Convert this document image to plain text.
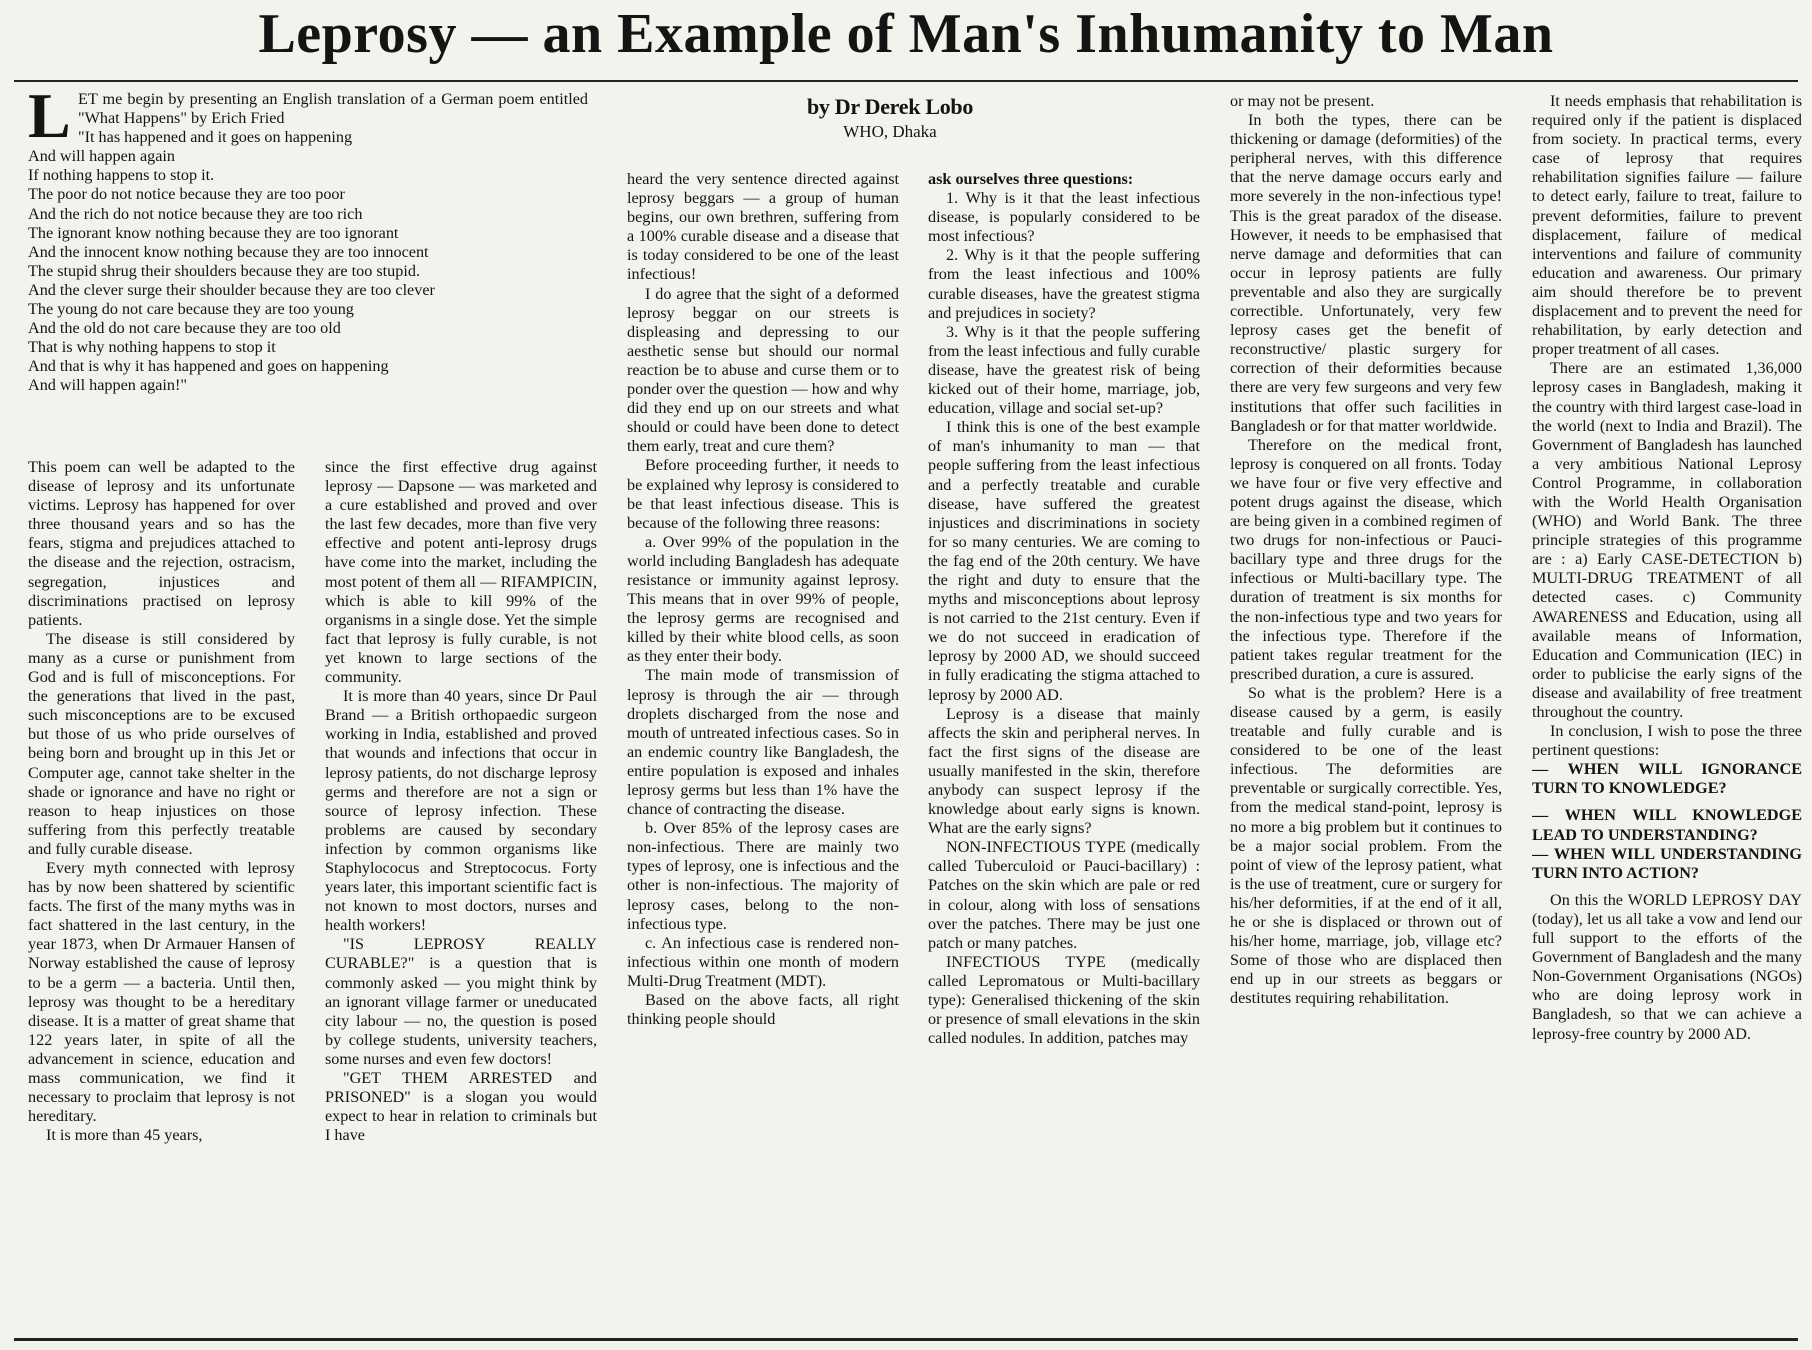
Leprosy — an Example of Man's Inhumanity to Man
L ET me begin by presenting an English translation of a German poem entitled "What Happens" by Erich Fried
"It has happened and it goes on happening
And will happen again
If nothing happens to stop it.
The poor do not notice because they are too poor
And the rich do not notice because they are too rich
The ignorant know nothing because they are too ignorant
And the innocent know nothing because they are too innocent
The stupid shrug their shoulders because they are too stupid.
And the clever surge their shoulder because they are too clever
The young do not care because they are too young
And the old do not care because they are too old
That is why nothing happens to stop it
And that is why it has happened and goes on happening
And will happen again!"
by Dr Derek Lobo
WHO, Dhaka

This poem can well be adapted to the disease of leprosy and its unfortunate victims. Leprosy has happened for over three thousand years and so has the fears, stigma and prejudices attached to the disease and the rejection, ostracism, segregation, injustices and discriminations practised on leprosy patients.

The disease is still considered by many as a curse or punishment from God and is full of misconceptions. For the generations that lived in the past, such misconceptions are to be excused but those of us who pride ourselves of being born and brought up in this Jet or Computer age, cannot take shelter in the shade or ignorance and have no right or reason to heap injustices on those suffering from this perfectly treatable and fully curable disease.

Every myth connected with leprosy has by now been shattered by scientific facts. The first of the many myths was in fact shattered in the last century, in the year 1873, when Dr Armauer Hansen of Norway established the cause of leprosy to be a germ — a bacteria. Until then, leprosy was thought to be a hereditary disease. It is a matter of great shame that 122 years later, in spite of all the advancement in science, education and mass communication, we find it necessary to proclaim that leprosy is not hereditary.

It is more than 45 years,

since the first effective drug against leprosy — Dapsone — was marketed and a cure established and proved and over the last few decades, more than five very effective and potent anti-leprosy drugs have come into the market, including the most potent of them all — RIFAMPICIN, which is able to kill 99% of the organisms in a single dose. Yet the simple fact that leprosy is fully curable, is not yet known to large sections of the community.

It is more than 40 years, since Dr Paul Brand — a British orthopaedic surgeon working in India, established and proved that wounds and infections that occur in leprosy patients, do not discharge leprosy germs and therefore are not a sign or source of leprosy infection. These problems are caused by secondary infection by common organisms like Staphylococus and Streptococus. Forty years later, this important scientific fact is not known to most doctors, nurses and health workers!

"IS LEPROSY REALLY CURABLE?" is a question that is commonly asked — you might think by an ignorant village farmer or uneducated city labour — no, the question is posed by college students, university teachers, some nurses and even few doctors!

"GET THEM ARRESTED and PRISONED" is a slogan you would expect to hear in relation to criminals but I have

heard the very sentence directed against leprosy beggars — a group of human begins, our own brethren, suffering from a 100% curable disease and a disease that is today considered to be one of the least infectious!

I do agree that the sight of a deformed leprosy beggar on our streets is displeasing and depressing to our aesthetic sense but should our normal reaction be to abuse and curse them or to ponder over the question — how and why did they end up on our streets and what should or could have been done to detect them early, treat and cure them?

Before proceeding further, it needs to be explained why leprosy is considered to be that least infectious disease. This is because of the following three reasons:

a. Over 99% of the population in the world including Bangladesh has adequate resistance or immunity against leprosy. This means that in over 99% of people, the leprosy germs are recognised and killed by their white blood cells, as soon as they enter their body.

The main mode of transmission of leprosy is through the air — through droplets discharged from the nose and mouth of untreated infectious cases. So in an endemic country like Bangladesh, the entire population is exposed and inhales leprosy germs but less than 1% have the chance of contracting the disease.

b. Over 85% of the leprosy cases are non-infectious. There are mainly two types of leprosy, one is infectious and the other is non-infectious. The majority of leprosy cases, belong to the non-infectious type.

c. An infectious case is rendered non-infectious within one month of modern Multi-Drug Treatment (MDT).

Based on the above facts, all right thinking people should

ask ourselves three questions:

1. Why is it that the least infectious disease, is popularly considered to be most infectious?

2. Why is it that the people suffering from the least infectious and 100% curable diseases, have the greatest stigma and prejudices in society?

3. Why is it that the people suffering from the least infectious and fully curable disease, have the greatest risk of being kicked out of their home, marriage, job, education, village and social set-up?

I think this is one of the best example of man's inhumanity to man — that people suffering from the least infectious and a perfectly treatable and curable disease, have suffered the greatest injustices and discriminations in society for so many centuries. We are coming to the fag end of the 20th century. We have the right and duty to ensure that the myths and misconceptions about leprosy is not carried to the 21st century. Even if we do not succeed in eradication of leprosy by 2000 AD, we should succeed in fully eradicating the stigma attached to leprosy by 2000 AD.

Leprosy is a disease that mainly affects the skin and peripheral nerves. In fact the first signs of the disease are usually manifested in the skin, therefore anybody can suspect leprosy if the knowledge about early signs is known. What are the early signs?

NON-INFECTIOUS TYPE (medically called Tuberculoid or Pauci-bacillary) : Patches on the skin which are pale or red in colour, along with loss of sensations over the patches. There may be just one patch or many patches.

INFECTIOUS TYPE (medically called Lepromatous or Multi-bacillary type): Generalised thickening of the skin or presence of small elevations in the skin called nodules. In addition, patches may

or may not be present.

In both the types, there can be thickening or damage (deformities) of the peripheral nerves, with this difference that the nerve damage occurs early and more severely in the non-infectious type! This is the great paradox of the disease. However, it needs to be emphasised that nerve damage and deformities that can occur in leprosy patients are fully preventable and also they are surgically correctible. Unfortunately, very few leprosy cases get the benefit of reconstructive/ plastic surgery for correction of their deformities because there are very few surgeons and very few institutions that offer such facilities in Bangladesh or for that matter worldwide.

Therefore on the medical front, leprosy is conquered on all fronts. Today we have four or five very effective and potent drugs against the disease, which are being given in a combined regimen of two drugs for non-infectious or Pauci-bacillary type and three drugs for the infectious or Multi-bacillary type. The duration of treatment is six months for the non-infectious type and two years for the infectious type. Therefore if the patient takes regular treatment for the prescribed duration, a cure is assured.

So what is the problem? Here is a disease caused by a germ, is easily treatable and fully curable and is considered to be one of the least infectious. The deformities are preventable or surgically correctible. Yes, from the medical stand-point, leprosy is no more a big problem but it continues to be a major social problem. From the point of view of the leprosy patient, what is the use of treatment, cure or surgery for his/her deformities, if at the end of it all, he or she is displaced or thrown out of his/her home, marriage, job, village etc? Some of those who are displaced then end up in our streets as beggars or destitutes requiring rehabilitation.

It needs emphasis that rehabilitation is required only if the patient is displaced from society. In practical terms, every case of leprosy that requires rehabilitation signifies failure — failure to detect early, failure to treat, failure to prevent deformities, failure to prevent displacement, failure of medical interventions and failure of community education and awareness. Our primary aim should therefore be to prevent displacement and to prevent the need for rehabilitation, by early detection and proper treatment of all cases.

There are an estimated 1,36,000 leprosy cases in Bangladesh, making it the country with third largest case-load in the world (next to India and Brazil). The Government of Bangladesh has launched a very ambitious National Leprosy Control Programme, in collaboration with the World Health Organisation (WHO) and World Bank. The three principle strategies of this programme are : a) Early CASE-DETECTION b) MULTI-DRUG TREATMENT of all detected cases. c) Community AWARENESS and Education, using all available means of Information, Education and Communication (IEC) in order to publicise the early signs of the disease and availability of free treatment throughout the country.

In conclusion, I wish to pose the three pertinent questions:

— WHEN WILL IGNORANCE TURN TO KNOWLEDGE?

— WHEN WILL KNOWLEDGE LEAD TO UNDERSTANDING?

— WHEN WILL UNDERSTANDING TURN INTO ACTION?

On this the WORLD LEPROSY DAY (today), let us all take a vow and lend our full support to the efforts of the Government of Bangladesh and the many Non-Government Organisations (NGOs) who are doing leprosy work in Bangladesh, so that we can achieve a leprosy-free country by 2000 AD.
